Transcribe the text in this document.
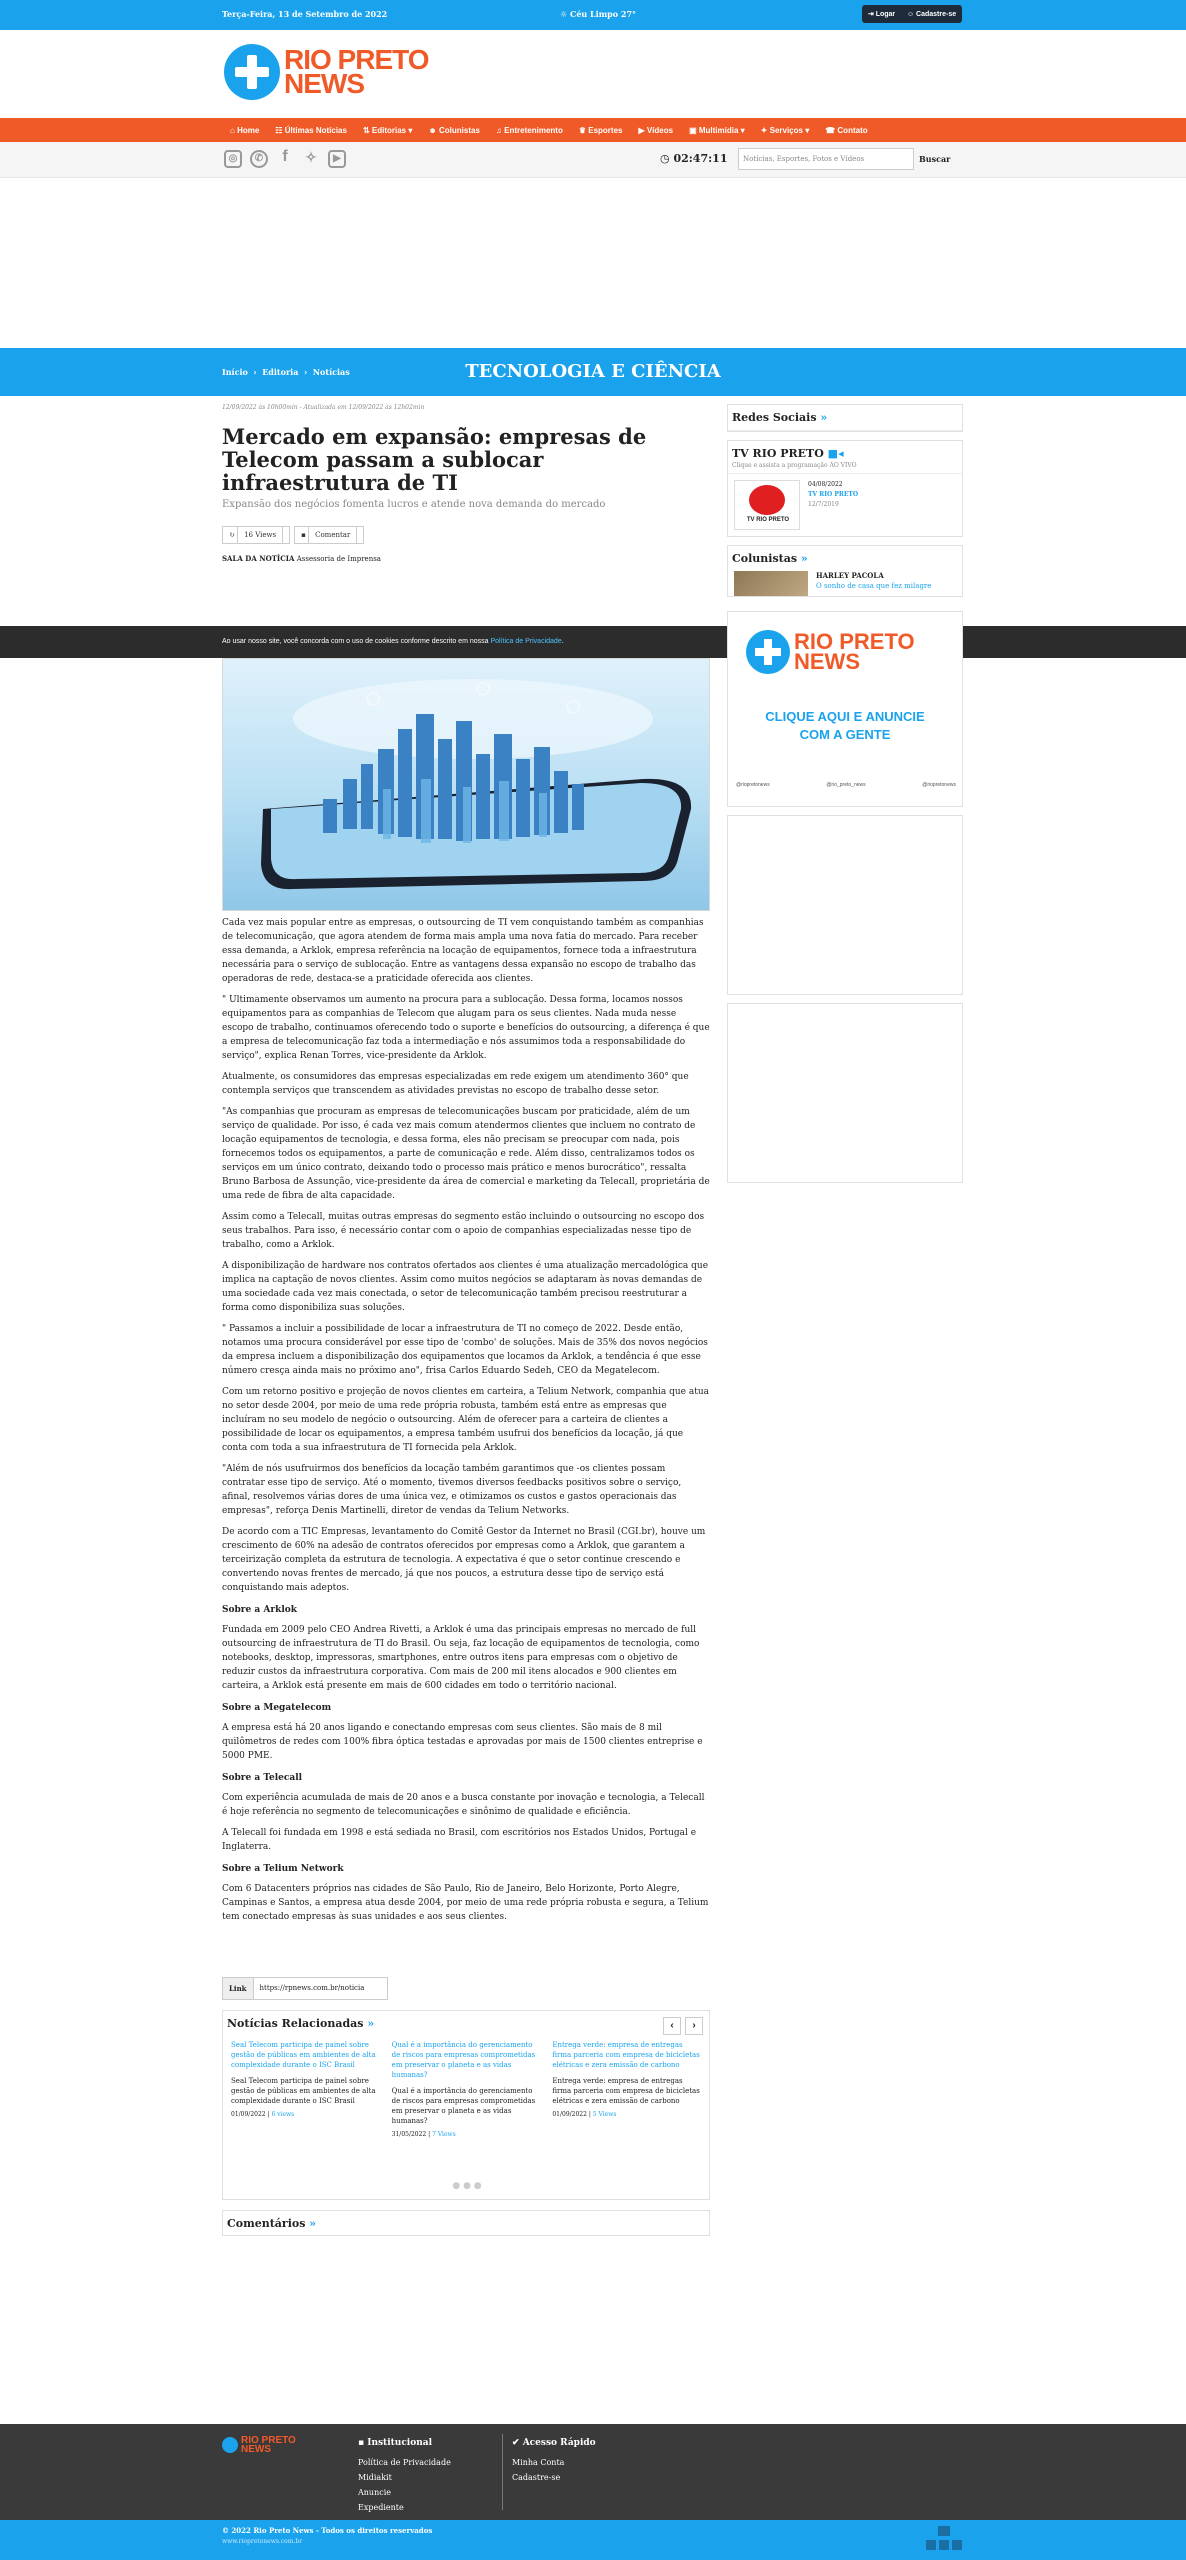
Terça-Feira, 13 de Setembro de 2022	☼ Céu Limpo 27°	⇥ Logar ☺ Cadastre-se
RIO PRETO
NEWS
⌂ Home ☷ Últimas Notícias ⇅ Editorias ▾ ☻ Colunistas ♫ Entretenimento ♛ Esportes ▶ Vídeos ▣ Multimídia ▾ ✦ Serviços ▾ ☎ Contato
◎	✆	f	✧	▶	◷ 02:47:11	Notícias, Esportes, Fotos e Vídeos	Buscar
Início  ›  Editoria  ›  Notícias	TECNOLOGIA E CIÊNCIA
12/09/2022 às 10h00min - Atualizada em 12/09/2022 às 12h02min
Mercado em expansão: empresas de Telecom passam a sublocar infraestrutura de TI
Expansão dos negócios fomenta lucros e atende nova demanda do mercado
↻ 16 Views	▪ Comentar
SALA DA NOTÍCIA Assessoria de Imprensa
Ao usar nosso site, você concorda com o uso de cookies conforme descrito em nossa Política de Privacidade.

Cada vez mais popular entre as empresas, o outsourcing de TI vem conquistando também as companhias de telecomunicação, que agora atendem de forma mais ampla uma nova fatia do mercado. Para receber essa demanda, a Arklok, empresa referência na locação de equipamentos, fornece toda a infraestrutura necessária para o serviço de sublocação. Entre as vantagens dessa expansão no escopo de trabalho das operadoras de rede, destaca-se a praticidade oferecida aos clientes.

" Ultimamente observamos um aumento na procura para a sublocação. Dessa forma, locamos nossos equipamentos para as companhias de Telecom que alugam para os seus clientes. Nada muda nesse escopo de trabalho, continuamos oferecendo todo o suporte e benefícios do outsourcing, a diferença é que a empresa de telecomunicação faz toda a intermediação e nós assumimos toda a responsabilidade do serviço", explica Renan Torres, vice-presidente da Arklok.

Atualmente, os consumidores das empresas especializadas em rede exigem um atendimento 360° que contempla serviços que transcendem as atividades previstas no escopo de trabalho desse setor.

"As companhias que procuram as empresas de telecomunicações buscam por praticidade, além de um serviço de qualidade. Por isso, é cada vez mais comum atendermos clientes que incluem no contrato de locação equipamentos de tecnologia, e dessa forma, eles não precisam se preocupar com nada, pois fornecemos todos os equipamentos, a parte de comunicação e rede. Além disso, centralizamos todos os serviços em um único contrato, deixando todo o processo mais prático e menos burocrático", ressalta Bruno Barbosa de Assunção, vice-presidente da área de comercial e marketing da Telecall, proprietária de uma rede de fibra de alta capacidade.

Assim como a Telecall, muitas outras empresas do segmento estão incluindo o outsourcing no escopo dos seus trabalhos. Para isso, é necessário contar com o apoio de companhias especializadas nesse tipo de trabalho, como a Arklok.

A disponibilização de hardware nos contratos ofertados aos clientes é uma atualização mercadológica que implica na captação de novos clientes. Assim como muitos negócios se adaptaram às novas demandas de uma sociedade cada vez mais conectada, o setor de telecomunicação também precisou reestruturar a forma como disponibiliza suas soluções.

" Passamos a incluir a possibilidade de locar a infraestrutura de TI no começo de 2022. Desde então, notamos uma procura considerável por esse tipo de 'combo' de soluções. Mais de 35% dos novos negócios da empresa incluem a disponibilização dos equipamentos que locamos da Arklok, a tendência é que esse número cresça ainda mais no próximo ano", frisa Carlos Eduardo Sedeh, CEO da Megatelecom.

Com um retorno positivo e projeção de novos clientes em carteira, a Telium Network, companhia que atua no setor desde 2004, por meio de uma rede própria robusta, também está entre as empresas que incluíram no seu modelo de negócio o outsourcing. Além de oferecer para a carteira de clientes a possibilidade de locar os equipamentos, a empresa também usufrui dos benefícios da locação, já que conta com toda a sua infraestrutura de TI fornecida pela Arklok.

"Além de nós usufruirmos dos benefícios da locação também garantimos que -os clientes possam contratar esse tipo de serviço. Até o momento, tivemos diversos feedbacks positivos sobre o serviço, afinal, resolvemos várias dores de uma única vez, e otimizamos os custos e gastos operacionais das empresas", reforça Denis Martinelli, diretor de vendas da Telium Networks.

De acordo com a TIC Empresas, levantamento do Comitê Gestor da Internet no Brasil (CGI.br), houve um crescimento de 60% na adesão de contratos oferecidos por empresas como a Arklok, que garantem a terceirização completa da estrutura de tecnologia. A expectativa é que o setor continue crescendo e convertendo novas frentes de mercado, já que nos poucos, a estrutura desse tipo de serviço está conquistando mais adeptos.

Sobre a Arklok

Fundada em 2009 pelo CEO Andrea Rivetti, a Arklok é uma das principais empresas no mercado de full outsourcing de infraestrutura de TI do Brasil. Ou seja, faz locação de equipamentos de tecnologia, como notebooks, desktop, impressoras, smartphones, entre outros itens para empresas com o objetivo de reduzir custos da infraestrutura corporativa. Com mais de 200 mil itens alocados e 900 clientes em carteira, a Arklok está presente em mais de 600 cidades em todo o território nacional.

Sobre a Megatelecom

A empresa está há 20 anos ligando e conectando empresas com seus clientes. São mais de 8 mil quilômetros de redes com 100% fibra óptica testadas e aprovadas por mais de 1500 clientes entreprise e 5000 PME.

Sobre a Telecall

Com experiência acumulada de mais de 20 anos e a busca constante por inovação e tecnologia, a Telecall é hoje referência no segmento de telecomunicações e sinônimo de qualidade e eficiência.

A Telecall foi fundada em 1998 e está sediada no Brasil, com escritórios nos Estados Unidos, Portugal e Inglaterra.

Sobre a Telium Network

Com 6 Datacenters próprios nas cidades de São Paulo, Rio de Janeiro, Belo Horizonte, Porto Alegre, Campinas e Santos, a empresa atua desde 2004, por meio de uma rede própria robusta e segura, a Telium tem conectado empresas às suas unidades e aos seus clientes.

Redes Sociais »
TV RIO PRETO ■◂
Clique e assista a programação AO VIVO
TV RIO PRETO
04/08/2022
TV RIO PRETO
12/7/2019
Colunistas »
HARLEY PACOLA
O sonho de casa que fez milagre
RIO PRETO
NEWS
CLIQUE AQUI E ANUNCIE
COM A GENTE
@riopretonews	@rio_preto_news	@riopretonews
Link	https://rpnews.com.br/noticia
Notícias Relacionadas »	‹	›
Seal Telecom participa de painel sobre gestão de públicas em ambientes de alta complexidade durante o ISC Brasil
Seal Telecom participa de painel sobre gestão de públicas em ambientes de alta complexidade durante o ISC Brasil
01/09/2022 | 6 views
Qual é a importância do gerenciamento de riscos para empresas comprometidas em preservar o planeta e as vidas humanas?
Qual é a importância do gerenciamento de riscos para empresas comprometidas em preservar o planeta e as vidas humanas?
31/05/2022 | 7 Views
Entrega verde: empresa de entregas firma parceria com empresa de bicicletas elétricas e zera emissão de carbono
Entrega verde: empresa de entregas firma parceria com empresa de bicicletas elétricas e zera emissão de carbono
01/09/2022 | 5 Views
● ● ●
Comentários »
RIO PRETO
NEWS
▪ Institucional
Política de Privacidade
Midiakit
Anuncie
Expediente
✔ Acesso Rápido
Minha Conta
Cadastre-se
© 2022 Rio Preto News - Todos os direitos reservados
www.riopretonews.com.br
